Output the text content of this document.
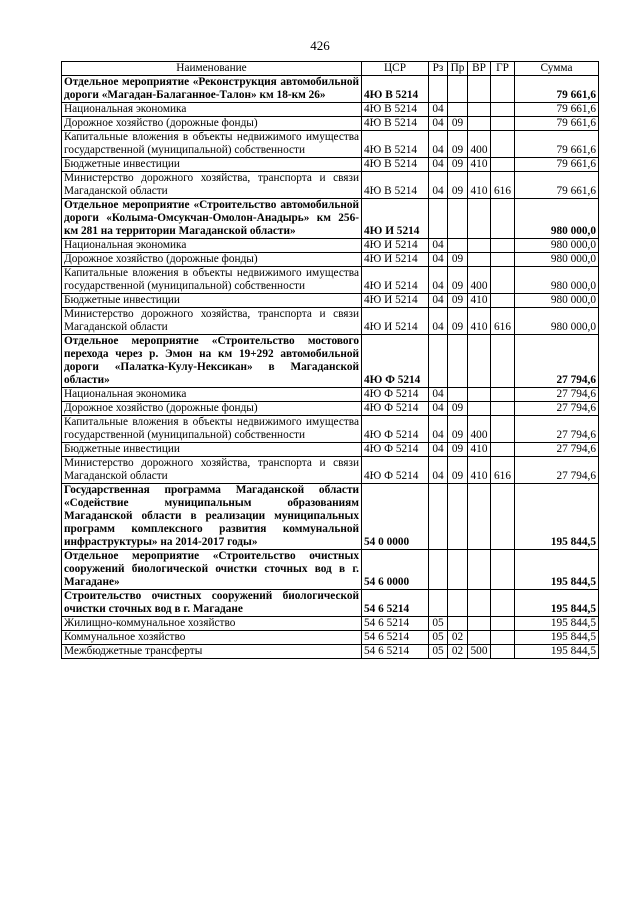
426
Наименование	ЦСР	Рз	Пр	ВР	ГР	Сумма
Отдельное мероприятие «Реконструкция автомобильной дороги «Магадан-Балаганное-Талон» км 18-км 26»	4Ю В 5214					79 661,6
Национальная экономика	4Ю В 5214	04				79 661,6
Дорожное хозяйство (дорожные фонды)	4Ю В 5214	04	09			79 661,6
Капитальные вложения в объекты недвижимого имущества государственной (муниципальной) собственности	4Ю В 5214	04	09	400		79 661,6
Бюджетные инвестиции	4Ю В 5214	04	09	410		79 661,6
Министерство дорожного хозяйства, транспорта и связи Магаданской области	4Ю В 5214	04	09	410	616	79 661,6
Отдельное мероприятие «Строительство автомобильной дороги «Колыма-Омсукчан-Омолон-Анадырь» км 256-км 281 на территории Магаданской области»	4Ю И 5214					980 000,0
Национальная экономика	4Ю И 5214	04				980 000,0
Дорожное хозяйство (дорожные фонды)	4Ю И 5214	04	09			980 000,0
Капитальные вложения в объекты недвижимого имущества государственной (муниципальной) собственности	4Ю И 5214	04	09	400		980 000,0
Бюджетные инвестиции	4Ю И 5214	04	09	410		980 000,0
Министерство дорожного хозяйства, транспорта и связи Магаданской области	4Ю И 5214	04	09	410	616	980 000,0
Отдельное мероприятие «Строительство мостового перехода через р. Эмон на км 19+292 автомобильной дороги «Палатка-Кулу-Нексикан» в Магаданской области»	4Ю Ф 5214					27 794,6
Национальная экономика	4Ю Ф 5214	04				27 794,6
Дорожное хозяйство (дорожные фонды)	4Ю Ф 5214	04	09			27 794,6
Капитальные вложения в объекты недвижимого имущества государственной (муниципальной) собственности	4Ю Ф 5214	04	09	400		27 794,6
Бюджетные инвестиции	4Ю Ф 5214	04	09	410		27 794,6
Министерство дорожного хозяйства, транспорта и связи Магаданской области	4Ю Ф 5214	04	09	410	616	27 794,6
Государственная программа Магаданской области «Содействие муниципальным образованиям Магаданской области в реализации муниципальных программ комплексного развития коммунальной инфраструктуры» на 2014-2017 годы»	54 0 0000					195 844,5
Отдельное мероприятие «Строительство очистных сооружений биологической очистки сточных вод в г. Магадане»	54 6 0000					195 844,5
Строительство очистных сооружений биологической очистки сточных вод в г. Магадане	54 6 5214					195 844,5
Жилищно-коммунальное хозяйство	54 6 5214	05				195 844,5
Коммунальное хозяйство	54 6 5214	05	02			195 844,5
Межбюджетные трансферты	54 6 5214	05	02	500		195 844,5
